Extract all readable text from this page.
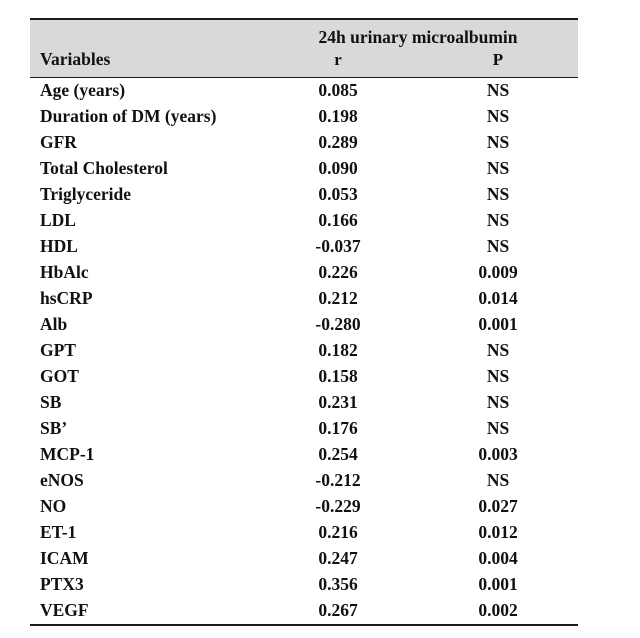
Variables	24h urinary microalbumin	
	r	P

Age (years)	0.085	NS
Duration of DM (years)	0.198	NS
GFR	0.289	NS
Total Cholesterol	0.090	NS
Triglyceride	0.053	NS
LDL	0.166	NS
HDL	-0.037	NS
HbAlc	0.226	0.009
hsCRP	0.212	0.014
Alb	-0.280	0.001
GPT	0.182	NS
GOT	0.158	NS
SB	0.231	NS
SB’	0.176	NS
MCP-1	0.254	0.003
eNOS	-0.212	NS
NO	-0.229	0.027
ET-1	0.216	0.012
ICAM	0.247	0.004
PTX3	0.356	0.001
VEGF	0.267	0.002
